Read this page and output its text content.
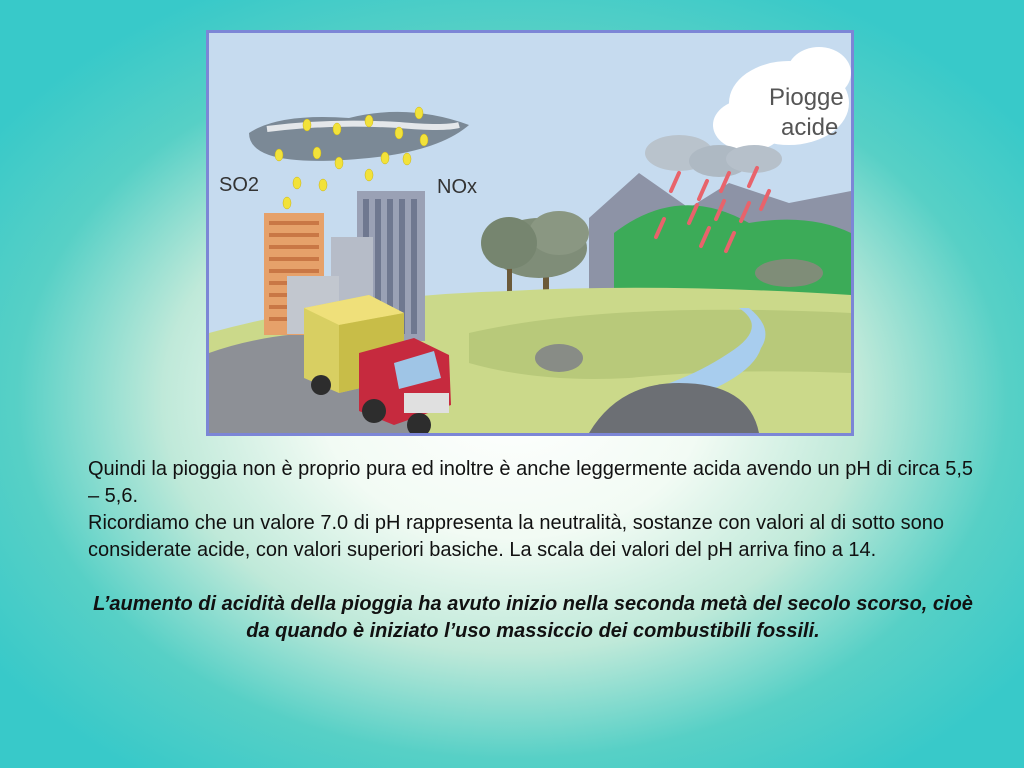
SO2	NOx
Piogge
acide

Quindi la pioggia non è proprio pura ed inoltre è anche leggermente acida avendo un pH di circa 5,5 – 5,6.

Ricordiamo che un valore 7.0 di pH rappresenta la neutralità, sostanze con valori al di sotto sono considerate acide, con valori superiori basiche. La scala dei valori del pH arriva fino a 14.

L’aumento di acidità della pioggia ha avuto inizio nella seconda metà del secolo scorso, cioè da quando è iniziato l’uso massiccio dei combustibili fossili.
